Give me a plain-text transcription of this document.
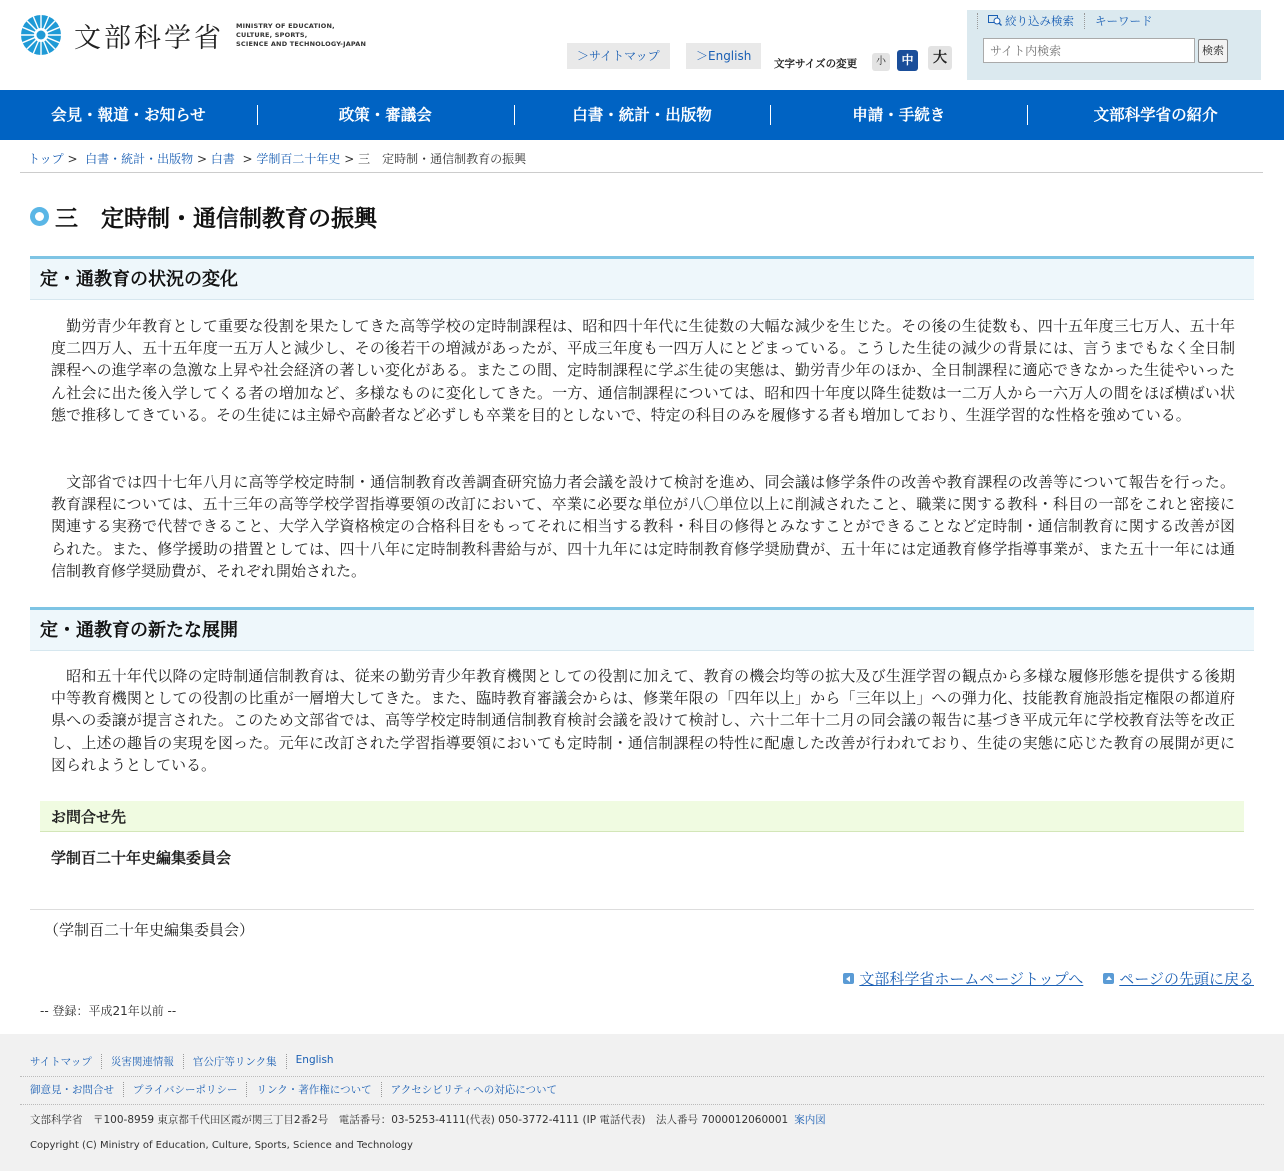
文部科学省 MINISTRY OF EDUCATION,
CULTURE, SPORTS,
SCIENCE AND TECHNOLOGY-JAPAN
＞サイトマップ	＞English
文字サイズの変更	小	中	大
絞り込み検索	キーワード
サイト内検索
検索
会見・報道・お知らせ	政策・審議会	白書・統計・出版物	申請・手続き	文部科学省の紹介
トップ >  白書・統計・出版物 > 白書  > 学制百二十年史 > 三　定時制・通信制教育の振興
三　定時制・通信制教育の振興
定・通教育の状況の変化

　勤労青少年教育として重要な役割を果たしてきた高等学校の定時制課程は、昭和四十年代に生徒数の大幅な減少を生じた。その後の生徒数も、四十五年度三七万人、五十年度二四万人、五十五年度一五万人と減少し、その後若干の増減があったが、平成三年度も一四万人にとどまっている。こうした生徒の減少の背景には、言うまでもなく全日制課程への進学率の急激な上昇や社会経済の著しい変化がある。またこの間、定時制課程に学ぶ生徒の実態は、勤労青少年のほか、全日制課程に適応できなかった生徒やいったん社会に出た後入学してくる者の増加など、多様なものに変化してきた。一方、通信制課程については、昭和四十年度以降生徒数は一二万人から一六万人の間をほぼ横ばい状態で推移してきている。その生徒には主婦や高齢者など必ずしも卒業を目的としないで、特定の科目のみを履修する者も増加しており、生涯学習的な性格を強めている。

　文部省では四十七年八月に高等学校定時制・通信制教育改善調査研究協力者会議を設けて検討を進め、同会議は修学条件の改善や教育課程の改善等について報告を行った。教育課程については、五十三年の高等学校学習指導要領の改訂において、卒業に必要な単位が八〇単位以上に削減されたこと、職業に関する教科・科目の一部をこれと密接に関連する実務で代替できること、大学入学資格検定の合格科目をもってそれに相当する教科・科目の修得とみなすことができることなど定時制・通信制教育に関する改善が図られた。また、修学援助の措置としては、四十八年に定時制教科書給与が、四十九年には定時制教育修学奨励費が、五十年には定通教育修学指導事業が、また五十一年には通信制教育修学奨励費が、それぞれ開始された。

定・通教育の新たな展開

　昭和五十年代以降の定時制通信制教育は、従来の勤労青少年教育機関としての役割に加えて、教育の機会均等の拡大及び生涯学習の観点から多様な履修形態を提供する後期中等教育機関としての役割の比重が一層増大してきた。また、臨時教育審議会からは、修業年限の「四年以上」から「三年以上」への弾力化、技能教育施設指定権限の都道府県への委譲が提言された。このため文部省では、高等学校定時制通信制教育検討会議を設けて検討し、六十二年十二月の同会議の報告に基づき平成元年に学校教育法等を改正し、上述の趣旨の実現を図った。元年に改訂された学習指導要領においても定時制・通信制課程の特性に配慮した改善が行われており、生徒の実態に応じた教育の展開が更に図られようとしている。

お問合せ先
学制百二十年史編集委員会
（学制百二十年史編集委員会）
文部科学省ホームページトップへ ページの先頭に戻る
-- 登録：平成21年以前 --
サイトマップ	災害関連情報	官公庁等リンク集	English
御意見・お問合せ	プライバシーポリシー	リンク・著作権について	アクセシビリティへの対応について
文部科学省　〒100-8959 東京都千代田区霞が関三丁目2番2号　電話番号：03-5253-4111(代表) 050-3772-4111 (IP 電話代表)　法人番号 7000012060001 案内図
Copyright (C) Ministry of Education, Culture, Sports, Science and Technology
